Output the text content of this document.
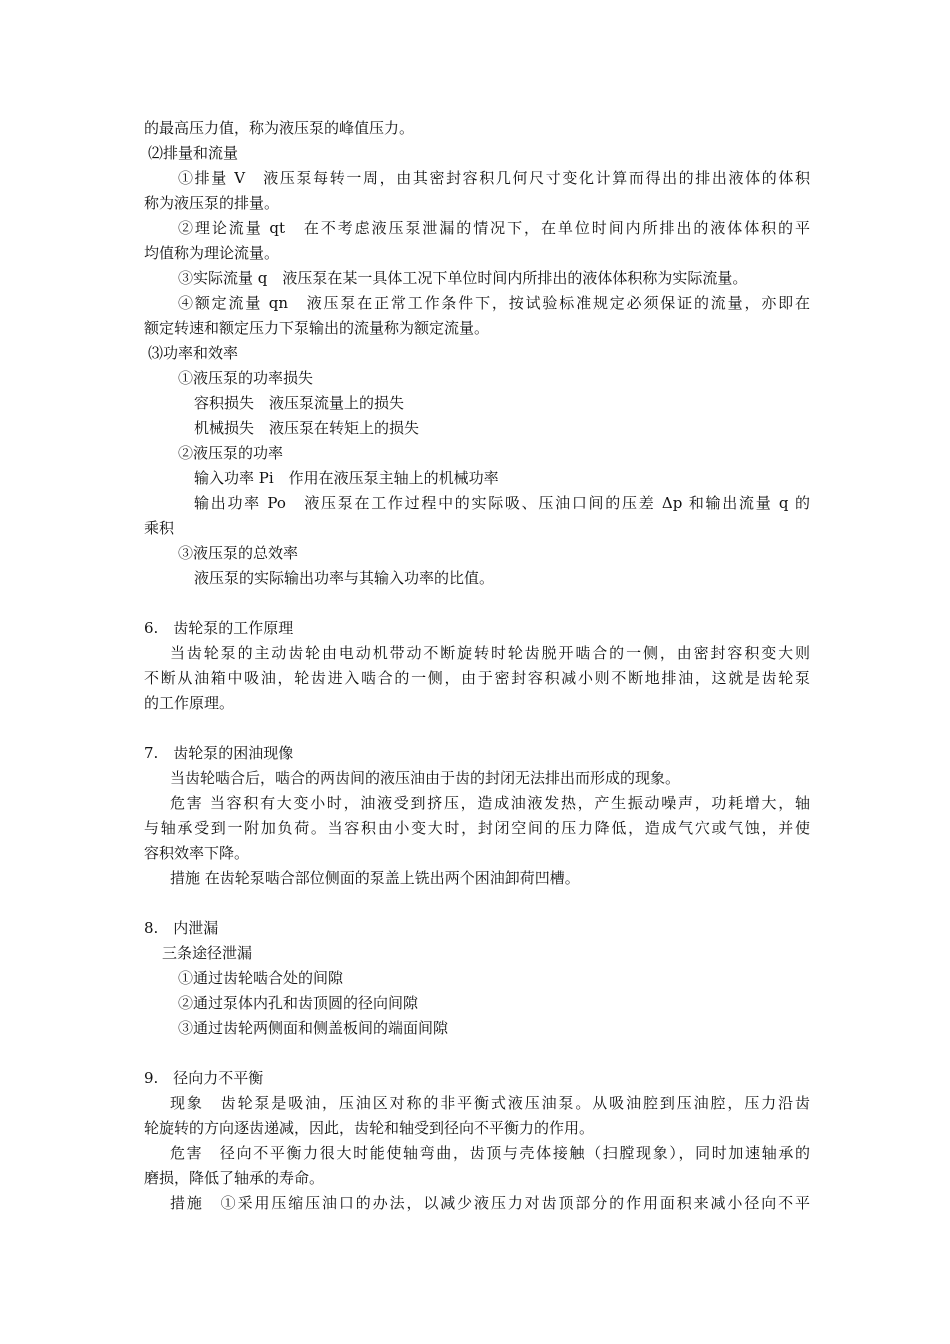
的最高压力值，称为液压泵的峰值压力。
⑵排量和流量
①排量 V　液压泵每转一周，由其密封容积几何尺寸变化计算而得出的排出液体的体积
称为液压泵的排量。
②理论流量 qt　在不考虑液压泵泄漏的情况下，在单位时间内所排出的液体体积的平
均值称为理论流量。
③实际流量 q　液压泵在某一具体工况下单位时间内所排出的液体体积称为实际流量。
④额定流量 qn　液压泵在正常工作条件下，按试验标准规定必须保证的流量，亦即在
额定转速和额定压力下泵输出的流量称为额定流量。
⑶功率和效率
①液压泵的功率损失
容积损失　液压泵流量上的损失
机械损失　液压泵在转矩上的损失
②液压泵的功率
输入功率 Pi　作用在液压泵主轴上的机械功率
输出功率 Po　液压泵在工作过程中的实际吸、压油口间的压差 Δp 和输出流量 q 的
乘积
③液压泵的总效率
液压泵的实际输出功率与其输入功率的比值。
6.　齿轮泵的工作原理
当齿轮泵的主动齿轮由电动机带动不断旋转时轮齿脱开啮合的一侧，由密封容积变大则
不断从油箱中吸油，轮齿进入啮合的一侧，由于密封容积减小则不断地排油，这就是齿轮泵
的工作原理。
7.　齿轮泵的困油现像
当齿轮啮合后，啮合的两齿间的液压油由于齿的封闭无法排出而形成的现象。
危害 当容积有大变小时，油液受到挤压，造成油液发热，产生振动噪声，功耗增大，轴
与轴承受到一附加负荷。当容积由小变大时，封闭空间的压力降低，造成气穴或气蚀，并使
容积效率下降。
措施 在齿轮泵啮合部位侧面的泵盖上铣出两个困油卸荷凹槽。
8.　内泄漏
三条途径泄漏
①通过齿轮啮合处的间隙
②通过泵体内孔和齿顶圆的径向间隙
③通过齿轮两侧面和侧盖板间的端面间隙
9.　径向力不平衡
现象　齿轮泵是吸油，压油区对称的非平衡式液压油泵。从吸油腔到压油腔，压力沿齿
轮旋转的方向逐齿递减，因此，齿轮和轴受到径向不平衡力的作用。
危害　径向不平衡力很大时能使轴弯曲，齿顶与壳体接触（扫膛现象），同时加速轴承的
磨损，降低了轴承的寿命。
措施　①采用压缩压油口的办法，以减少液压力对齿顶部分的作用面积来减小径向不平
